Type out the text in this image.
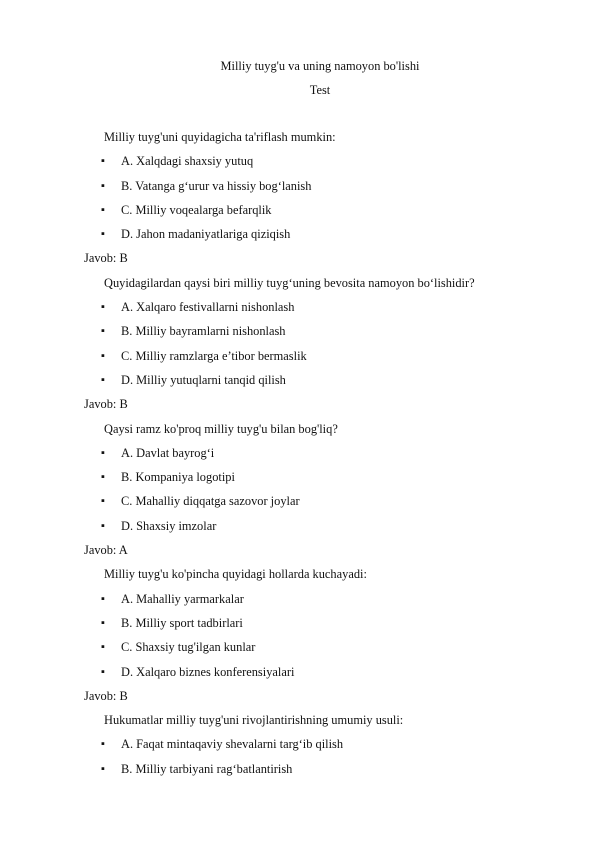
Milliy tuyg'u va uning namoyon bo'lishi
Test
Milliy tuyg'uni quyidagicha ta'riflash mumkin:
▪ A. Xalqdagi shaxsiy yutuq
▪ B. Vatanga g‘urur va hissiy bog‘lanish
▪ C. Milliy voqealarga befarqlik
▪ D. Jahon madaniyatlariga qiziqish
Javob: B
Quyidagilardan qaysi biri milliy tuyg‘uning bevosita namoyon bo‘lishidir?
▪ A. Xalqaro festivallarni nishonlash
▪ B. Milliy bayramlarni nishonlash
▪ C. Milliy ramzlarga e’tibor bermaslik
▪ D. Milliy yutuqlarni tanqid qilish
Javob: B
Qaysi ramz ko'proq milliy tuyg'u bilan bog'liq?
▪ A. Davlat bayrog‘i
▪ B. Kompaniya logotipi
▪ C. Mahalliy diqqatga sazovor joylar
▪ D. Shaxsiy imzolar
Javob: A
Milliy tuyg'u ko'pincha quyidagi hollarda kuchayadi:
▪ A. Mahalliy yarmarkalar
▪ B. Milliy sport tadbirlari
▪ C. Shaxsiy tug'ilgan kunlar
▪ D. Xalqaro biznes konferensiyalari
Javob: B
Hukumatlar milliy tuyg'uni rivojlantirishning umumiy usuli:
▪ A. Faqat mintaqaviy shevalarni targ‘ib qilish
▪ B. Milliy tarbiyani rag‘batlantirish
